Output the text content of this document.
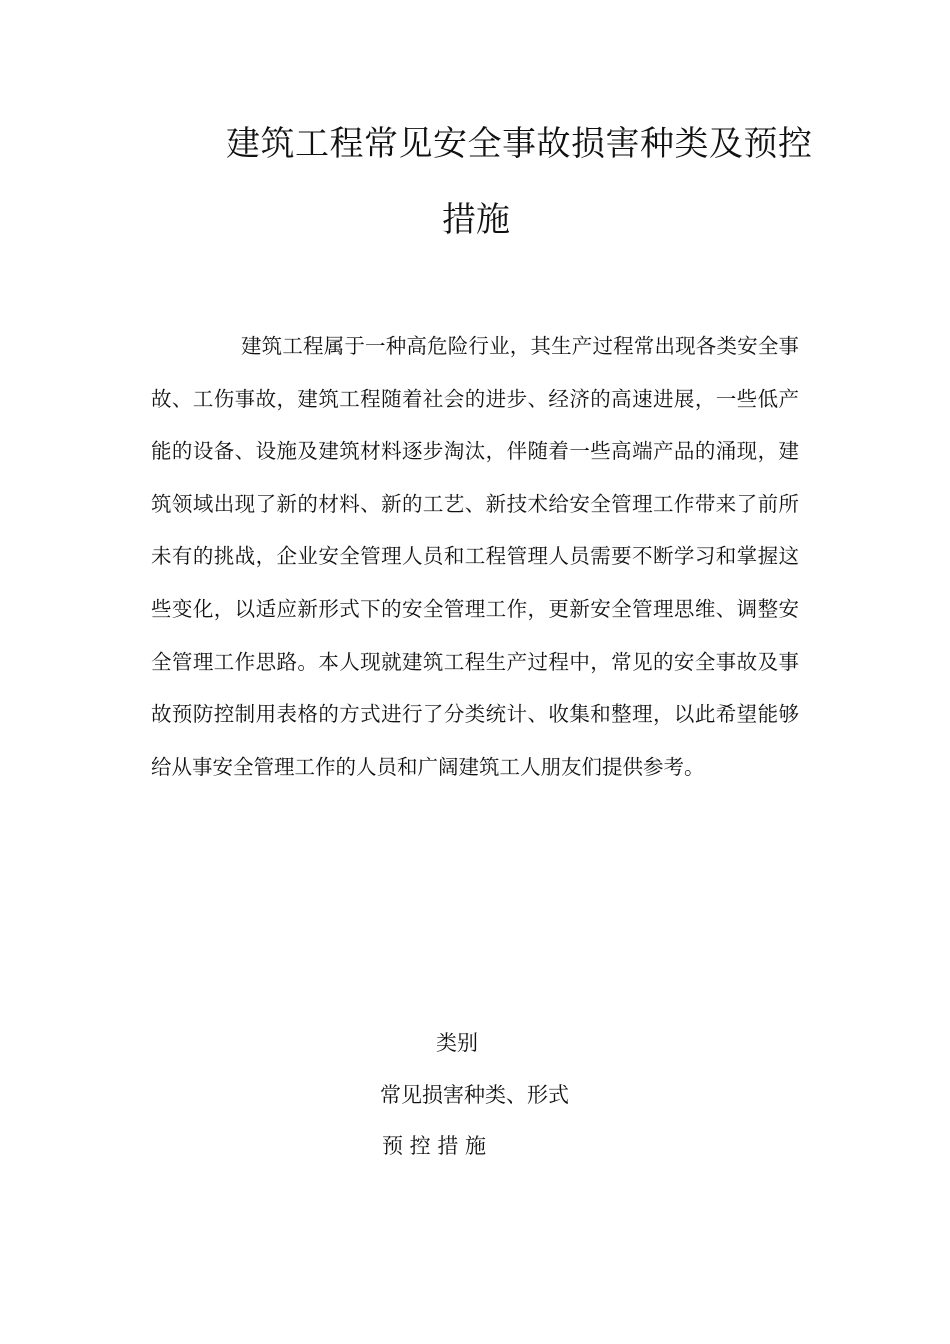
建筑工程常见安全事故损害种类及预控
措施

建筑工程属于一种高危险行业，其生产过程常出现各类安全事故、工伤事故，建筑工程随着社会的进步、经济的高速进展，一些低产能的设备、设施及建筑材料逐步淘汰，伴随着一些高端产品的涌现，建筑领域出现了新的材料、新的工艺、新技术给安全管理工作带来了前所未有的挑战，企业安全管理人员和工程管理人员需要不断学习和掌握这些变化，以适应新形式下的安全管理工作，更新安全管理思维、调整安全管理工作思路。本人现就建筑工程生产过程中，常见的安全事故及事故预防控制用表格的方式进行了分类统计、收集和整理，以此希望能够给从事安全管理工作的人员和广阔建筑工人朋友们提供参考。

类别
常见损害种类、形式
预 控 措 施
